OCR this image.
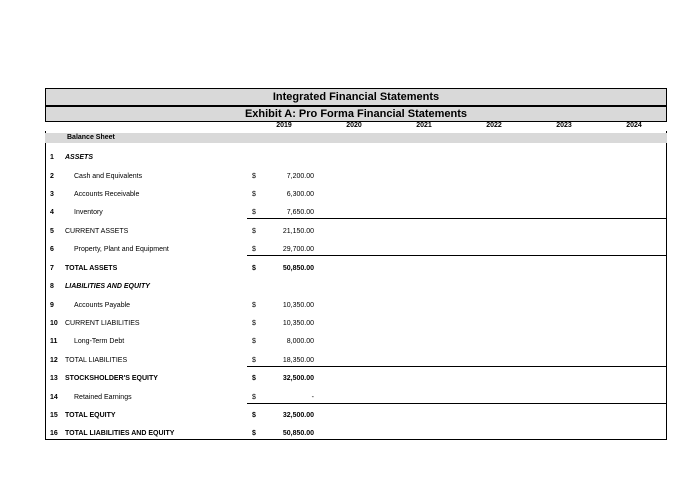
Integrated Financial Statements
Exhibit A: Pro Forma Financial Statements
2019	2020	2021	2022	2023	2024
Balance Sheet
1 ASSETS
2	Cash and Equivalents	$	7,200.00
3	Accounts Receivable	$	6,300.00
4	Inventory	$	7,650.00
5 CURRENT ASSETS	$	21,150.00
6	Property, Plant and Equipment	$	29,700.00
7 TOTAL ASSETS	$	50,850.00
8 LIABILITIES AND EQUITY
9	Accounts Payable	$	10,350.00
10 CURRENT LIABILITIES	$	10,350.00
11 Long-Term Debt	$	8,000.00
12 TOTAL LIABILITIES	$	18,350.00
13 STOCKSHOLDER'S EQUITY	$	32,500.00
14 Retained Earnings	$	-
15 TOTAL EQUITY	$	32,500.00
16 TOTAL LIABILITIES AND EQUITY	$	50,850.00
